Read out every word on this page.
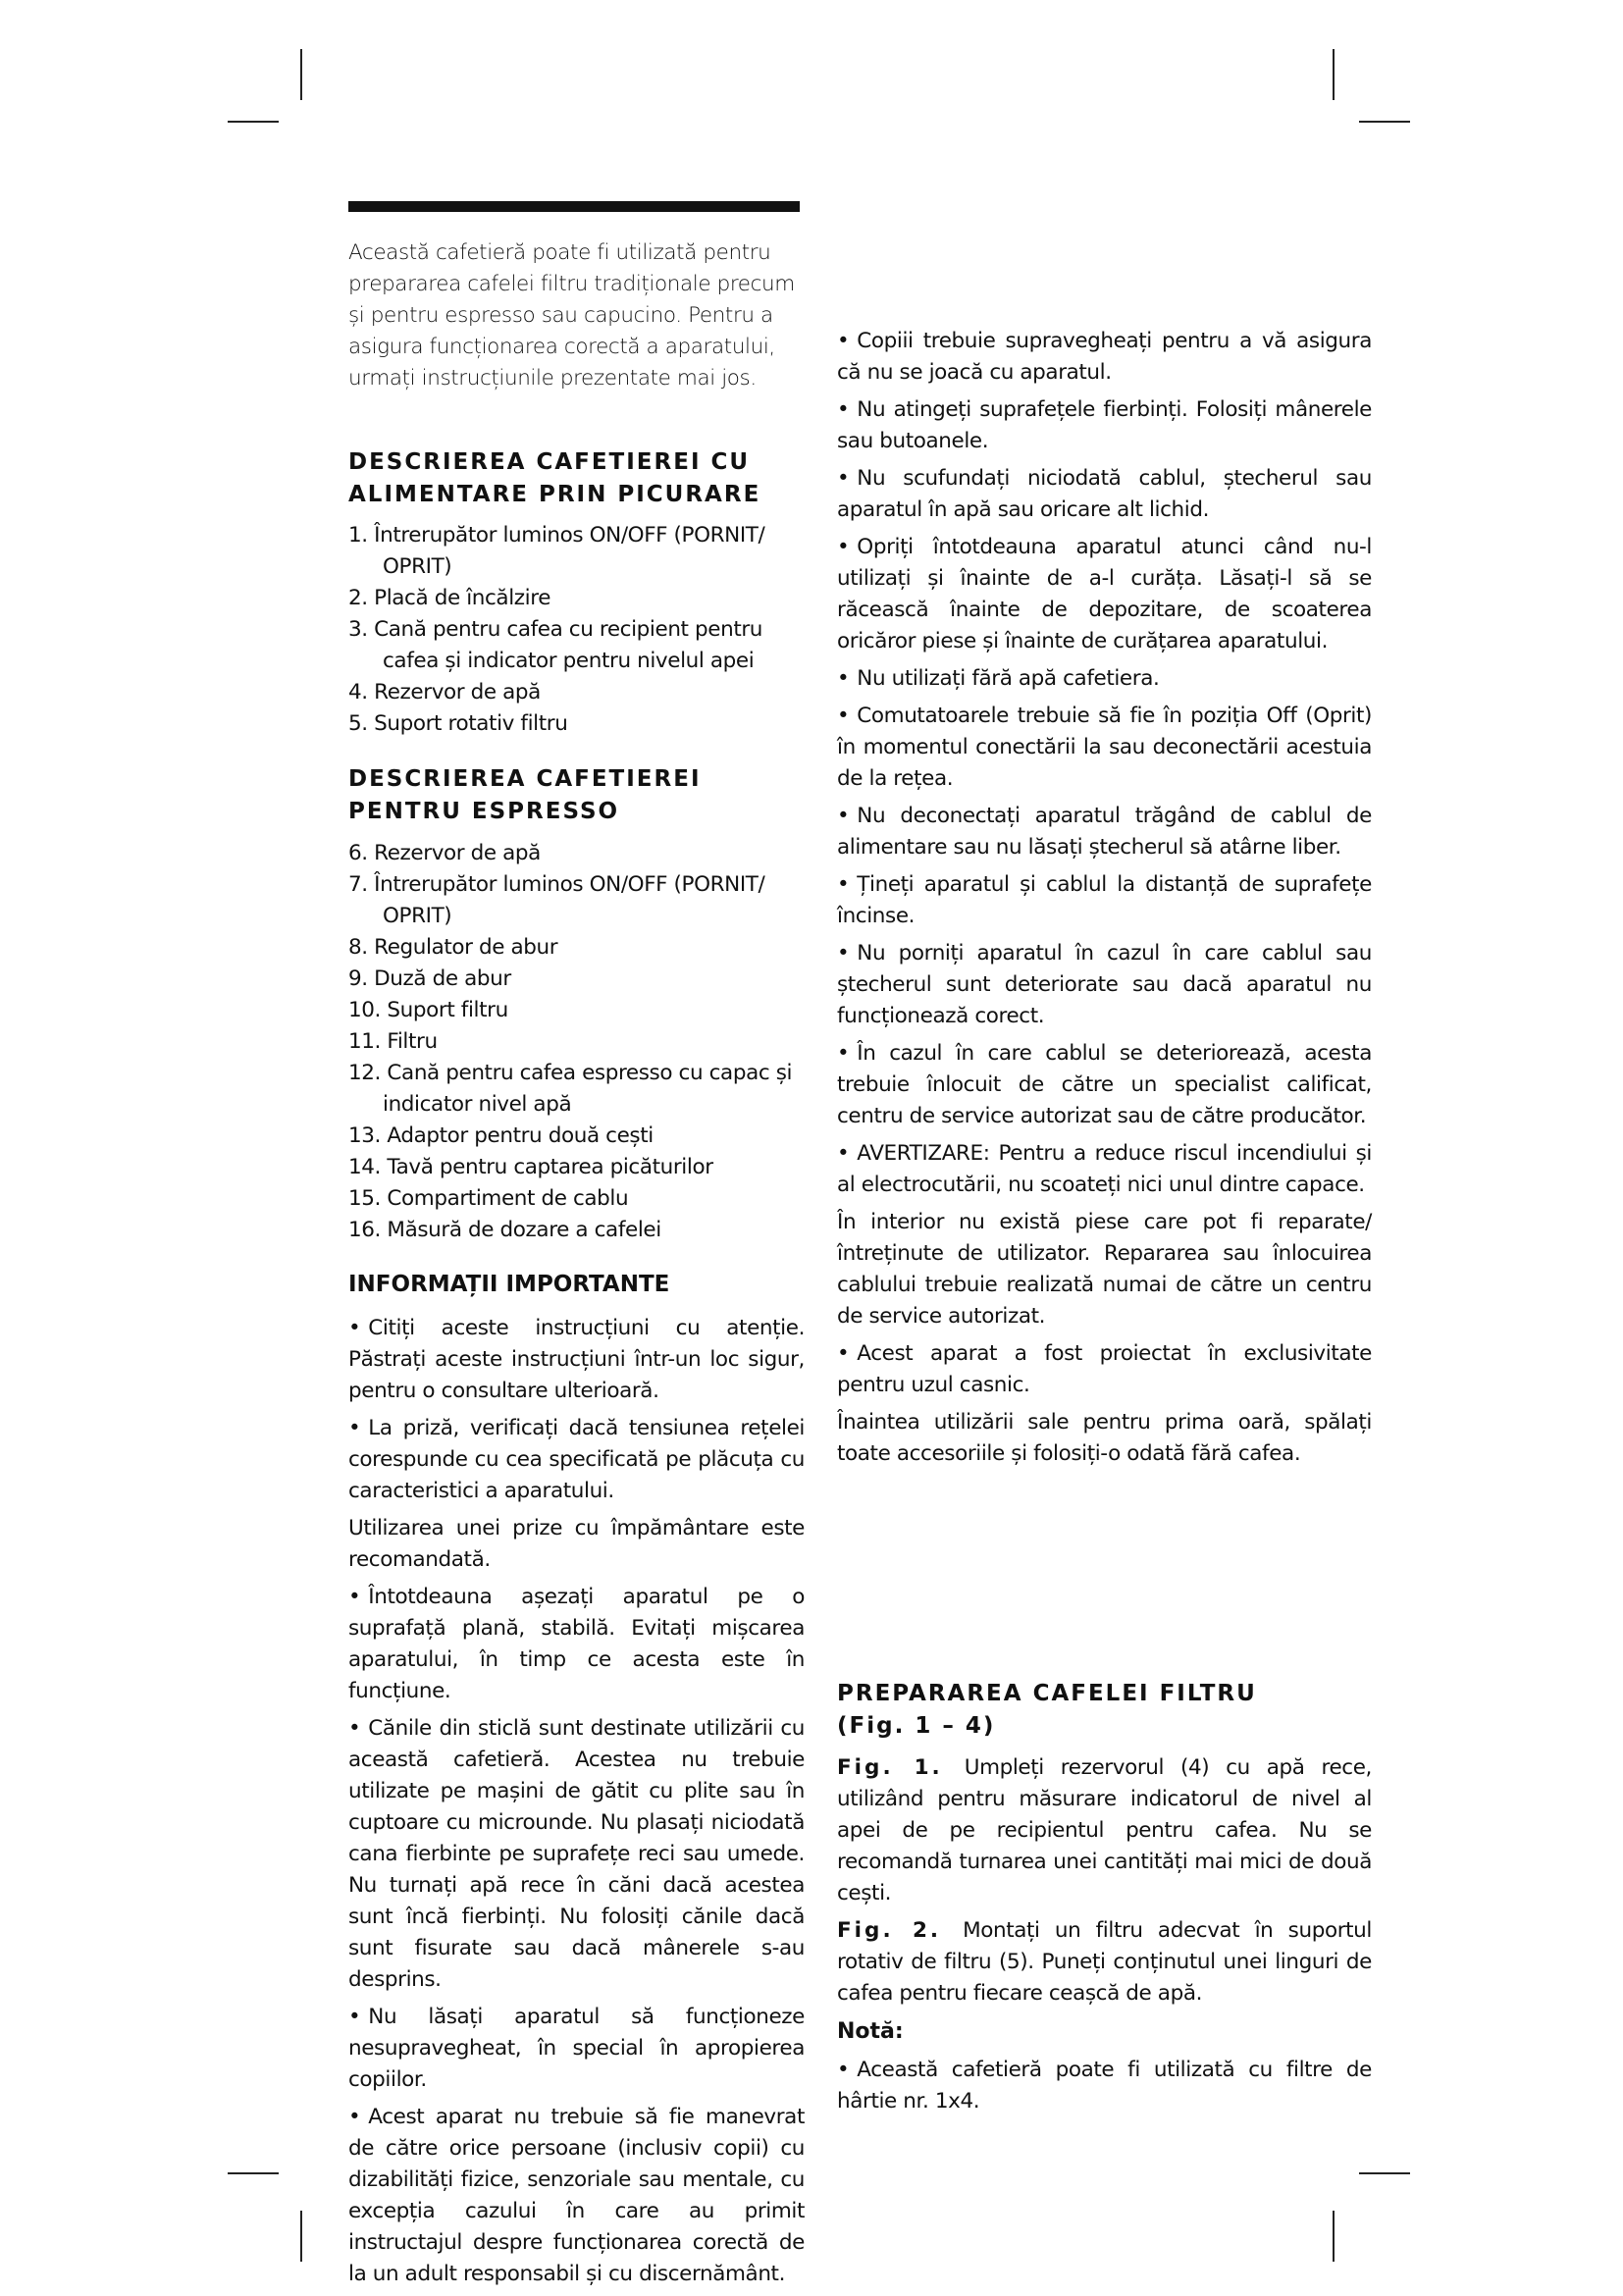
Această cafetieră poate fi utilizată pentru prepararea cafelei filtru tradiționale precum și pentru espresso sau capucino. Pentru a asigura funcționarea corectă a aparatului, urmați instrucțiunile prezentate mai jos.

DESCRIEREA CAFETIEREI CU ALIMENTARE PRIN PICURARE
1. Întrerupător luminos ON/OFF (PORNIT/ OPRIT)
2. Placă de încălzire
3. Cană pentru cafea cu recipient pentru cafea și indicator pentru nivelul apei
4. Rezervor de apă
5. Suport rotativ filtru
DESCRIEREA CAFETIEREI PENTRU ESPRESSO
6. Rezervor de apă
7. Întrerupător luminos ON/OFF (PORNIT/ OPRIT)
8. Regulator de abur
9. Duză de abur
10. Suport filtru
11. Filtru
12. Cană pentru cafea espresso cu capac și indicator nivel apă
13. Adaptor pentru două cești
14. Tavă pentru captarea picăturilor
15. Compartiment de cablu
16. Măsură de dozare a cafelei
INFORMAȚII IMPORTANTE
• Citiți aceste instrucțiuni cu atenție. Păstrați aceste instrucțiuni într-un loc sigur, pentru o consultare ulterioară.
• La priză, verificați dacă tensiunea rețelei corespunde cu cea specificată pe plăcuța cu caracteristici a aparatului.
Utilizarea unei prize cu împământare este recomandată.
• Întotdeauna așezați aparatul pe o suprafață plană, stabilă. Evitați mișcarea aparatului, în timp ce acesta este în funcțiune.
• Cănile din sticlă sunt destinate utilizării cu această cafetieră. Acestea nu trebuie utilizate pe mașini de gătit cu plite sau în cuptoare cu microunde. Nu plasați niciodată cana fierbinte pe suprafețe reci sau umede. Nu turnați apă rece în căni dacă acestea sunt încă fierbinți. Nu folosiți cănile dacă sunt fisurate sau dacă mânerele s-au desprins.
• Nu lăsați aparatul să funcționeze nesupravegheat, în special în apropierea copiilor.
• Acest aparat nu trebuie să fie manevrat de către orice persoane (inclusiv copii) cu dizabilități fizice, senzoriale sau mentale, cu excepția cazului în care au primit instructajul despre funcționarea corectă de la un adult responsabil și cu discernământ.
• Copiii trebuie supravegheați pentru a vă asigura că nu se joacă cu aparatul.
• Nu atingeți suprafețele fierbinți. Folosiți mânerele sau butoanele.
• Nu scufundați niciodată cablul, ștecherul sau aparatul în apă sau oricare alt lichid.
• Opriți întotdeauna aparatul atunci când nu-l utilizați și înainte de a-l curăța. Lăsați-l să se răcească înainte de depozitare, de scoaterea oricăror piese și înainte de curățarea aparatului.
• Nu utilizați fără apă cafetiera.
• Comutatoarele trebuie să fie în poziția Off (Oprit) în momentul conectării la sau deconectării acestuia de la rețea.
• Nu deconectați aparatul trăgând de cablul de alimentare sau nu lăsați ștecherul să atârne liber.
• Țineți aparatul și cablul la distanță de suprafețe încinse.
• Nu porniți aparatul în cazul în care cablul sau ștecherul sunt deteriorate sau dacă aparatul nu funcționează corect.
• În cazul în care cablul se deteriorează, acesta trebuie înlocuit de către un specialist calificat, centru de service autorizat sau de către producător.
• AVERTIZARE: Pentru a reduce riscul incendiului și al electrocutării, nu scoateți nici unul dintre capace.
În interior nu există piese care pot fi reparate/întreținute de utilizator. Repararea sau înlocuirea cablului trebuie realizată numai de către un centru de service autorizat.
• Acest aparat a fost proiectat în exclusivitate pentru uzul casnic.
Înaintea utilizării sale pentru prima oară, spălați toate accesoriile și folosiți-o odată fără cafea.
PREPARAREA CAFELEI FILTRU (Fig. 1 – 4)
Fig. 1. Umpleți rezervorul (4) cu apă rece, utilizând pentru măsurare indicatorul de nivel al apei de pe recipientul pentru cafea. Nu se recomandă turnarea unei cantități mai mici de două cești.
Fig. 2. Montați un filtru adecvat în suportul rotativ de filtru (5). Puneți conținutul unei linguri de cafea pentru fiecare ceașcă de apă.
Notă:
• Această cafetieră poate fi utilizată cu filtre de hârtie nr. 1x4.
